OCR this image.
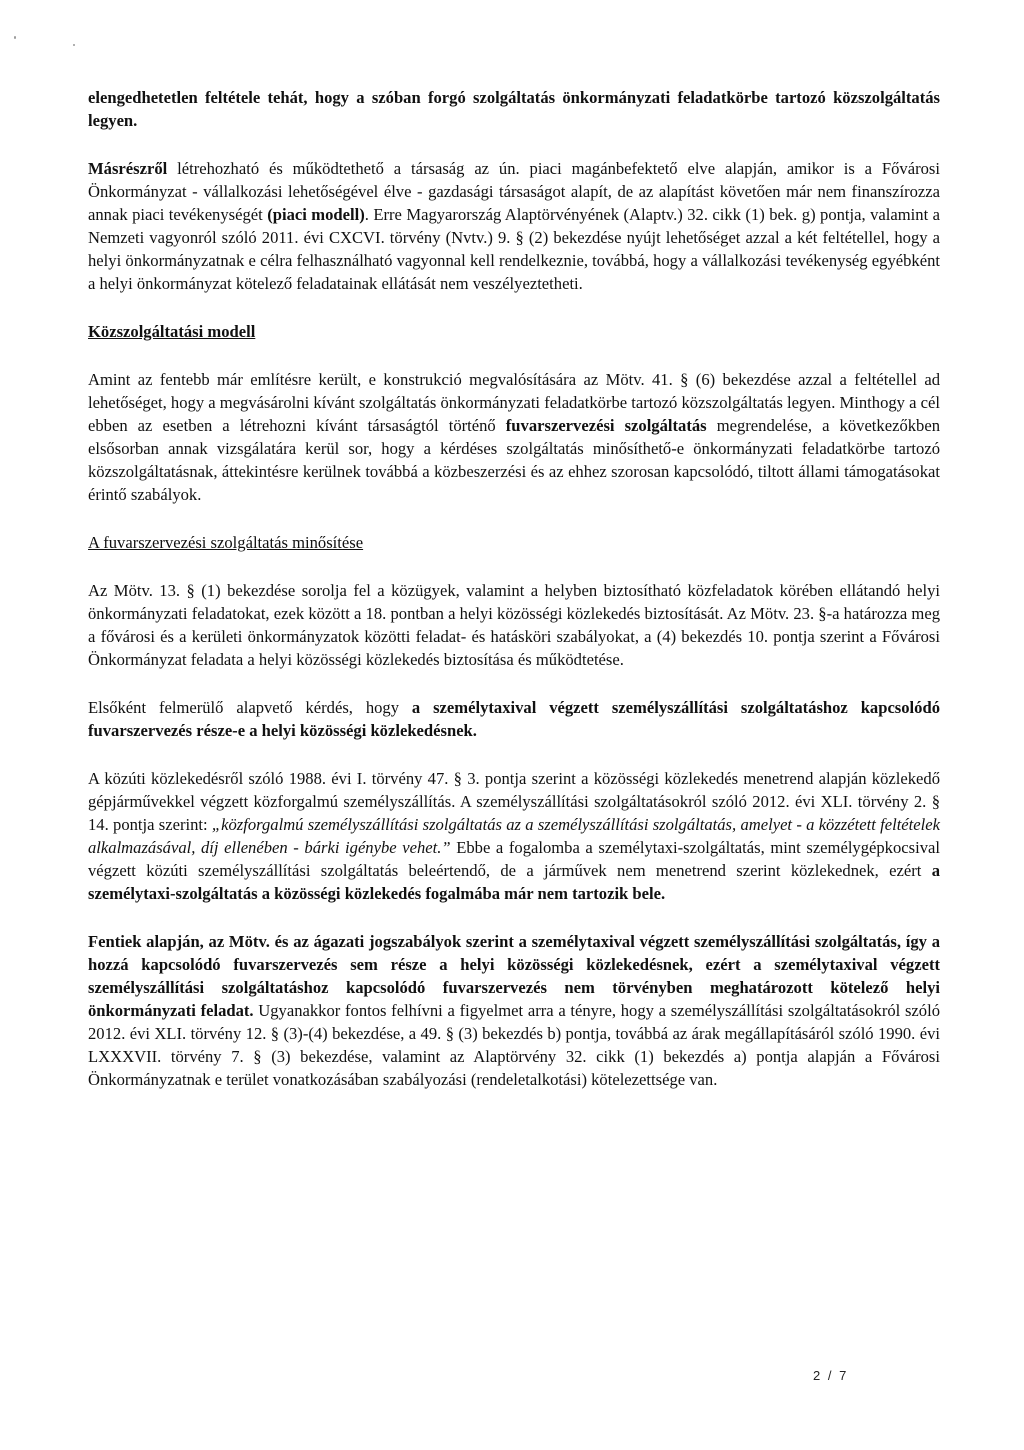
elengedhetetlen feltétele tehát, hogy a szóban forgó szolgáltatás önkormányzati feladatkörbe tartozó közszolgáltatás legyen.

Másrészről létrehozható és működtethető a társaság az ún. piaci magánbefektető elve alapján, amikor is a Fővárosi Önkormányzat - vállalkozási lehetőségével élve - gazdasági társaságot alapít, de az alapítást követően már nem finanszírozza annak piaci tevékenységét (piaci modell). Erre Magyarország Alaptörvényének (Alaptv.) 32. cikk (1) bek. g) pontja, valamint a Nemzeti vagyonról szóló 2011. évi CXCVI. törvény (Nvtv.) 9. § (2) bekezdése nyújt lehetőséget azzal a két feltétellel, hogy a helyi önkormányzatnak e célra felhasználható vagyonnal kell rendelkeznie, továbbá, hogy a vállalkozási tevékenység egyébként a helyi önkormányzat kötelező feladatainak ellátását nem veszélyeztetheti.

Közszolgáltatási modell

Amint az fentebb már említésre került, e konstrukció megvalósítására az Mötv. 41. § (6) bekezdése azzal a feltétellel ad lehetőséget, hogy a megvásárolni kívánt szolgáltatás önkormányzati feladatkörbe tartozó közszolgáltatás legyen. Minthogy a cél ebben az esetben a létrehozni kívánt társaságtól történő fuvarszervezési szolgáltatás megrendelése, a következőkben elsősorban annak vizsgálatára kerül sor, hogy a kérdéses szolgáltatás minősíthető-e önkormányzati feladatkörbe tartozó közszolgáltatásnak, áttekintésre kerülnek továbbá a közbeszerzési és az ehhez szorosan kapcsolódó, tiltott állami támogatásokat érintő szabályok.

A fuvarszervezési szolgáltatás minősítése

Az Mötv. 13. § (1) bekezdése sorolja fel a közügyek, valamint a helyben biztosítható közfeladatok körében ellátandó helyi önkormányzati feladatokat, ezek között a 18. pontban a helyi közösségi közlekedés biztosítását. Az Mötv. 23. §-a határozza meg a fővárosi és a kerületi önkormányzatok közötti feladat- és hatásköri szabályokat, a (4) bekezdés 10. pontja szerint a Fővárosi Önkormányzat feladata a helyi közösségi közlekedés biztosítása és működtetése.

Elsőként felmerülő alapvető kérdés, hogy a személytaxival végzett személyszállítási szolgáltatáshoz kapcsolódó fuvarszervezés része-e a helyi közösségi közlekedésnek.

A közúti közlekedésről szóló 1988. évi I. törvény 47. § 3. pontja szerint a közösségi közlekedés menetrend alapján közlekedő gépjárművekkel végzett közforgalmú személyszállítás. A személyszállítási szolgáltatásokról szóló 2012. évi XLI. törvény 2. § 14. pontja szerint: „közforgalmú személyszállítási szolgáltatás az a személyszállítási szolgáltatás, amelyet - a közzétett feltételek alkalmazásával, díj ellenében - bárki igénybe vehet.” Ebbe a fogalomba a személytaxi-szolgáltatás, mint személygépkocsival végzett közúti személyszállítási szolgáltatás beleértendő, de a járművek nem menetrend szerint közlekednek, ezért a személytaxi-szolgáltatás a közösségi közlekedés fogalmába már nem tartozik bele.

Fentiek alapján, az Mötv. és az ágazati jogszabályok szerint a személytaxival végzett személyszállítási szolgáltatás, így a hozzá kapcsolódó fuvarszervezés sem része a helyi közösségi közlekedésnek, ezért a személytaxival végzett személyszállítási szolgáltatáshoz kapcsolódó fuvarszervezés nem törvényben meghatározott kötelező helyi önkormányzati feladat. Ugyanakkor fontos felhívni a figyelmet arra a tényre, hogy a személyszállítási szolgáltatásokról szóló 2012. évi XLI. törvény 12. § (3)-(4) bekezdése, a 49. § (3) bekezdés b) pontja, továbbá az árak megállapításáról szóló 1990. évi LXXXVII. törvény 7. § (3) bekezdése, valamint az Alaptörvény 32. cikk (1) bekezdés a) pontja alapján a Fővárosi Önkormányzatnak e terület vonatkozásában szabályozási (rendeletalkotási) kötelezettsége van.

2 / 7
